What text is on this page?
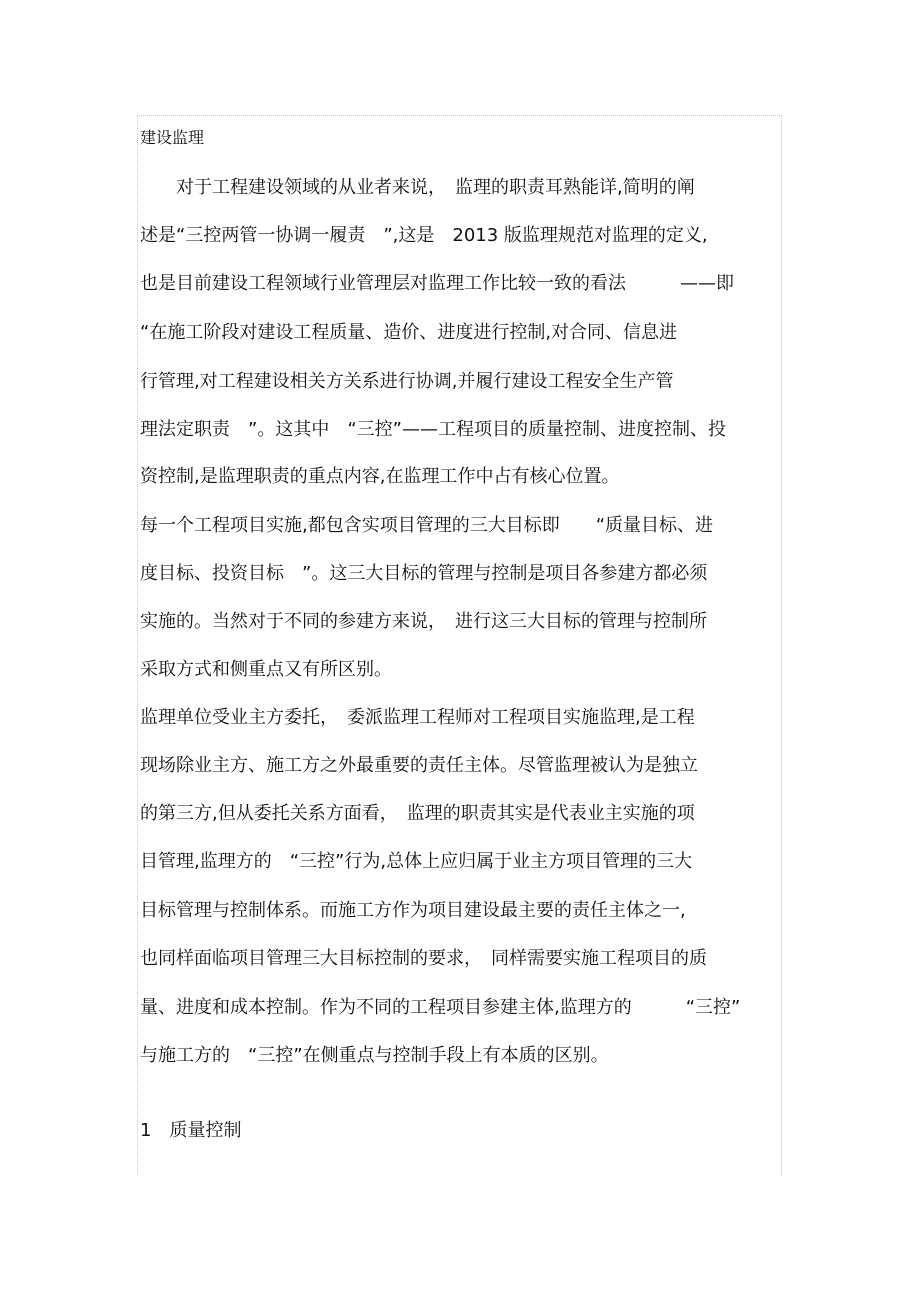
建设监理
　　对于工程建设领域的从业者来说，　监理的职责耳熟能详,简明的阐
述是“三控两管一协调一履责　”,这是　2013 版监理规范对监理的定义,
也是目前建设工程领域行业管理层对监理工作比较一致的看法　　　——即
“在施工阶段对建设工程质量、造价、进度进行控制,对合同、信息进
行管理,对工程建设相关方关系进行协调,并履行建设工程安全生产管
理法定职责　”。这其中　“三控”——工程项目的质量控制、进度控制、投
资控制,是监理职责的重点内容,在监理工作中占有核心位置。
每一个工程项目实施,都包含实项目管理的三大目标即　　“质量目标、进
度目标、投资目标　”。这三大目标的管理与控制是项目各参建方都必须
实施的。当然对于不同的参建方来说，　进行这三大目标的管理与控制所
采取方式和侧重点又有所区别。
监理单位受业主方委托，　委派监理工程师对工程项目实施监理,是工程
现场除业主方、施工方之外最重要的责任主体。尽管监理被认为是独立
的第三方,但从委托关系方面看，　监理的职责其实是代表业主实施的项
目管理,监理方的　“三控”行为,总体上应归属于业主方项目管理的三大
目标管理与控制体系。而施工方作为项目建设最主要的责任主体之一,
也同样面临项目管理三大目标控制的要求，　同样需要实施工程项目的质
量、进度和成本控制。作为不同的工程项目参建主体,监理方的　　　“三控”
与施工方的　“三控”在侧重点与控制手段上有本质的区别。
1　质量控制
